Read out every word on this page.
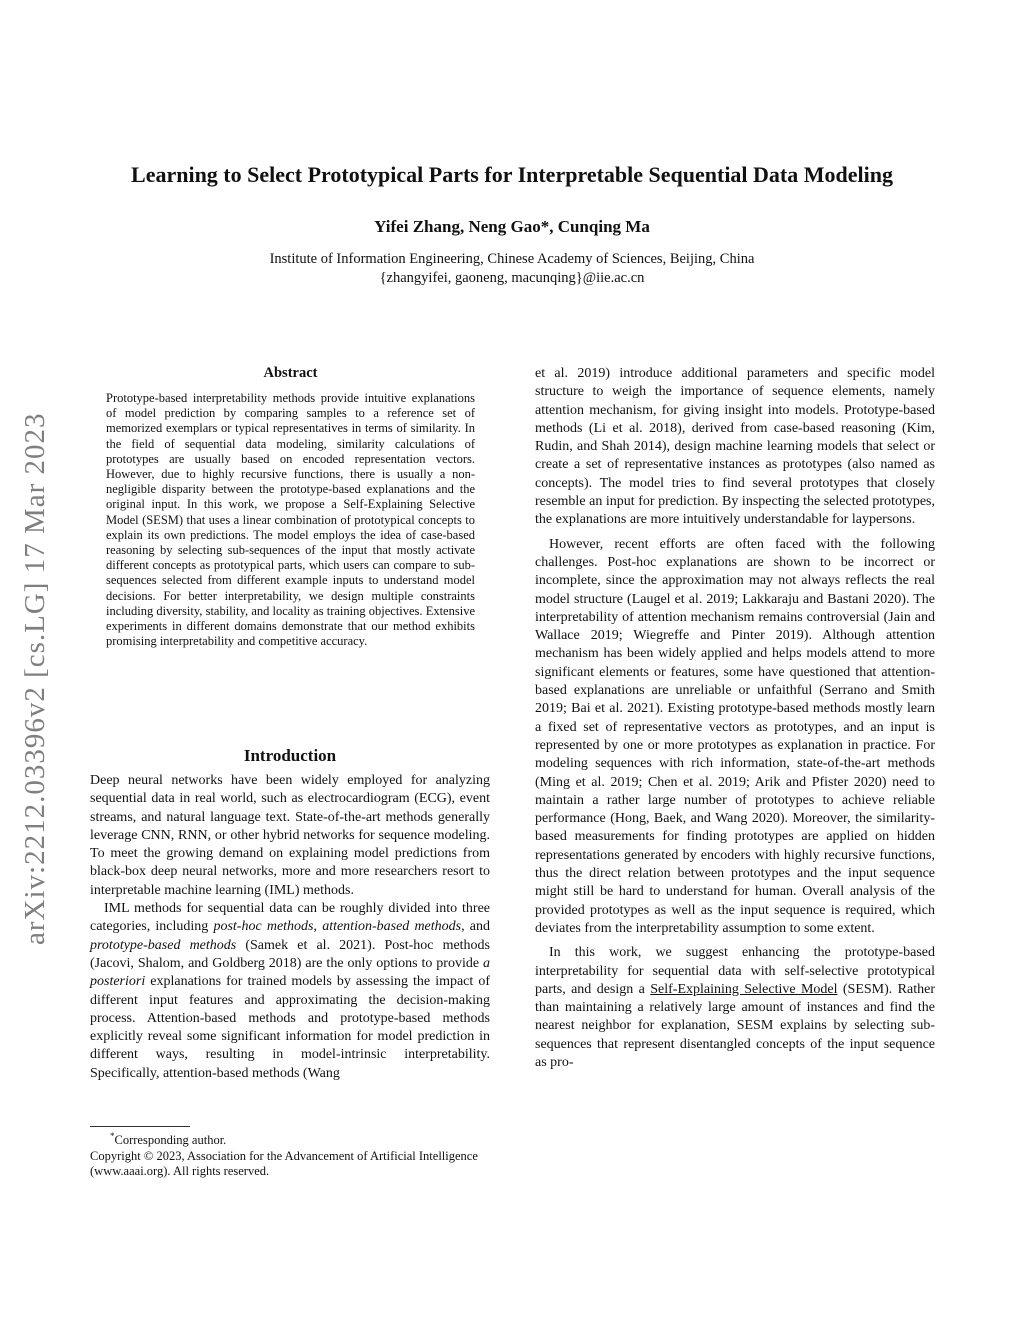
Learning to Select Prototypical Parts for Interpretable Sequential Data Modeling
Yifei Zhang, Neng Gao*, Cunqing Ma
Institute of Information Engineering, Chinese Academy of Sciences, Beijing, China
{zhangyifei, gaoneng, macunqing}@iie.ac.cn
arXiv:2212.03396v2 [cs.LG] 17 Mar 2023
Abstract
Prototype-based interpretability methods provide intuitive explanations of model prediction by comparing samples to a reference set of memorized exemplars or typical representatives in terms of similarity. In the field of sequential data modeling, similarity calculations of prototypes are usually based on encoded representation vectors. However, due to highly recursive functions, there is usually a non-negligible disparity between the prototype-based explanations and the original input. In this work, we propose a Self-Explaining Selective Model (SESM) that uses a linear combination of prototypical concepts to explain its own predictions. The model employs the idea of case-based reasoning by selecting sub-sequences of the input that mostly activate different concepts as prototypical parts, which users can compare to sub-sequences selected from different example inputs to understand model decisions. For better interpretability, we design multiple constraints including diversity, stability, and locality as training objectives. Extensive experiments in different domains demonstrate that our method exhibits promising interpretability and competitive accuracy.
Introduction

Deep neural networks have been widely employed for analyzing sequential data in real world, such as electrocardiogram (ECG), event streams, and natural language text. State-of-the-art methods generally leverage CNN, RNN, or other hybrid networks for sequence modeling. To meet the growing demand on explaining model predictions from black-box deep neural networks, more and more researchers resort to interpretable machine learning (IML) methods.

IML methods for sequential data can be roughly divided into three categories, including post-hoc methods, attention-based methods, and prototype-based methods (Samek et al. 2021). Post-hoc methods (Jacovi, Shalom, and Goldberg 2018) are the only options to provide a posteriori explanations for trained models by assessing the impact of different input features and approximating the decision-making process. Attention-based methods and prototype-based methods explicitly reveal some significant information for model prediction in different ways, resulting in model-intrinsic interpretability. Specifically, attention-based methods (Wang

*Corresponding author.
Copyright © 2023, Association for the Advancement of Artificial Intelligence (www.aaai.org). All rights reserved.

et al. 2019) introduce additional parameters and specific model structure to weigh the importance of sequence elements, namely attention mechanism, for giving insight into models. Prototype-based methods (Li et al. 2018), derived from case-based reasoning (Kim, Rudin, and Shah 2014), design machine learning models that select or create a set of representative instances as prototypes (also named as concepts). The model tries to find several prototypes that closely resemble an input for prediction. By inspecting the selected prototypes, the explanations are more intuitively understandable for laypersons.

However, recent efforts are often faced with the following challenges. Post-hoc explanations are shown to be incorrect or incomplete, since the approximation may not always reflects the real model structure (Laugel et al. 2019; Lakkaraju and Bastani 2020). The interpretability of attention mechanism remains controversial (Jain and Wallace 2019; Wiegreffe and Pinter 2019). Although attention mechanism has been widely applied and helps models attend to more significant elements or features, some have questioned that attention-based explanations are unreliable or unfaithful (Serrano and Smith 2019; Bai et al. 2021). Existing prototype-based methods mostly learn a fixed set of representative vectors as prototypes, and an input is represented by one or more prototypes as explanation in practice. For modeling sequences with rich information, state-of-the-art methods (Ming et al. 2019; Chen et al. 2019; Arik and Pfister 2020) need to maintain a rather large number of prototypes to achieve reliable performance (Hong, Baek, and Wang 2020). Moreover, the similarity-based measurements for finding prototypes are applied on hidden representations generated by encoders with highly recursive functions, thus the direct relation between prototypes and the input sequence might still be hard to understand for human. Overall analysis of the provided prototypes as well as the input sequence is required, which deviates from the interpretability assumption to some extent.

In this work, we suggest enhancing the prototype-based interpretability for sequential data with self-selective prototypical parts, and design a Self-Explaining Selective Model (SESM). Rather than maintaining a relatively large amount of instances and find the nearest neighbor for explanation, SESM explains by selecting sub-sequences that represent disentangled concepts of the input sequence as pro-
